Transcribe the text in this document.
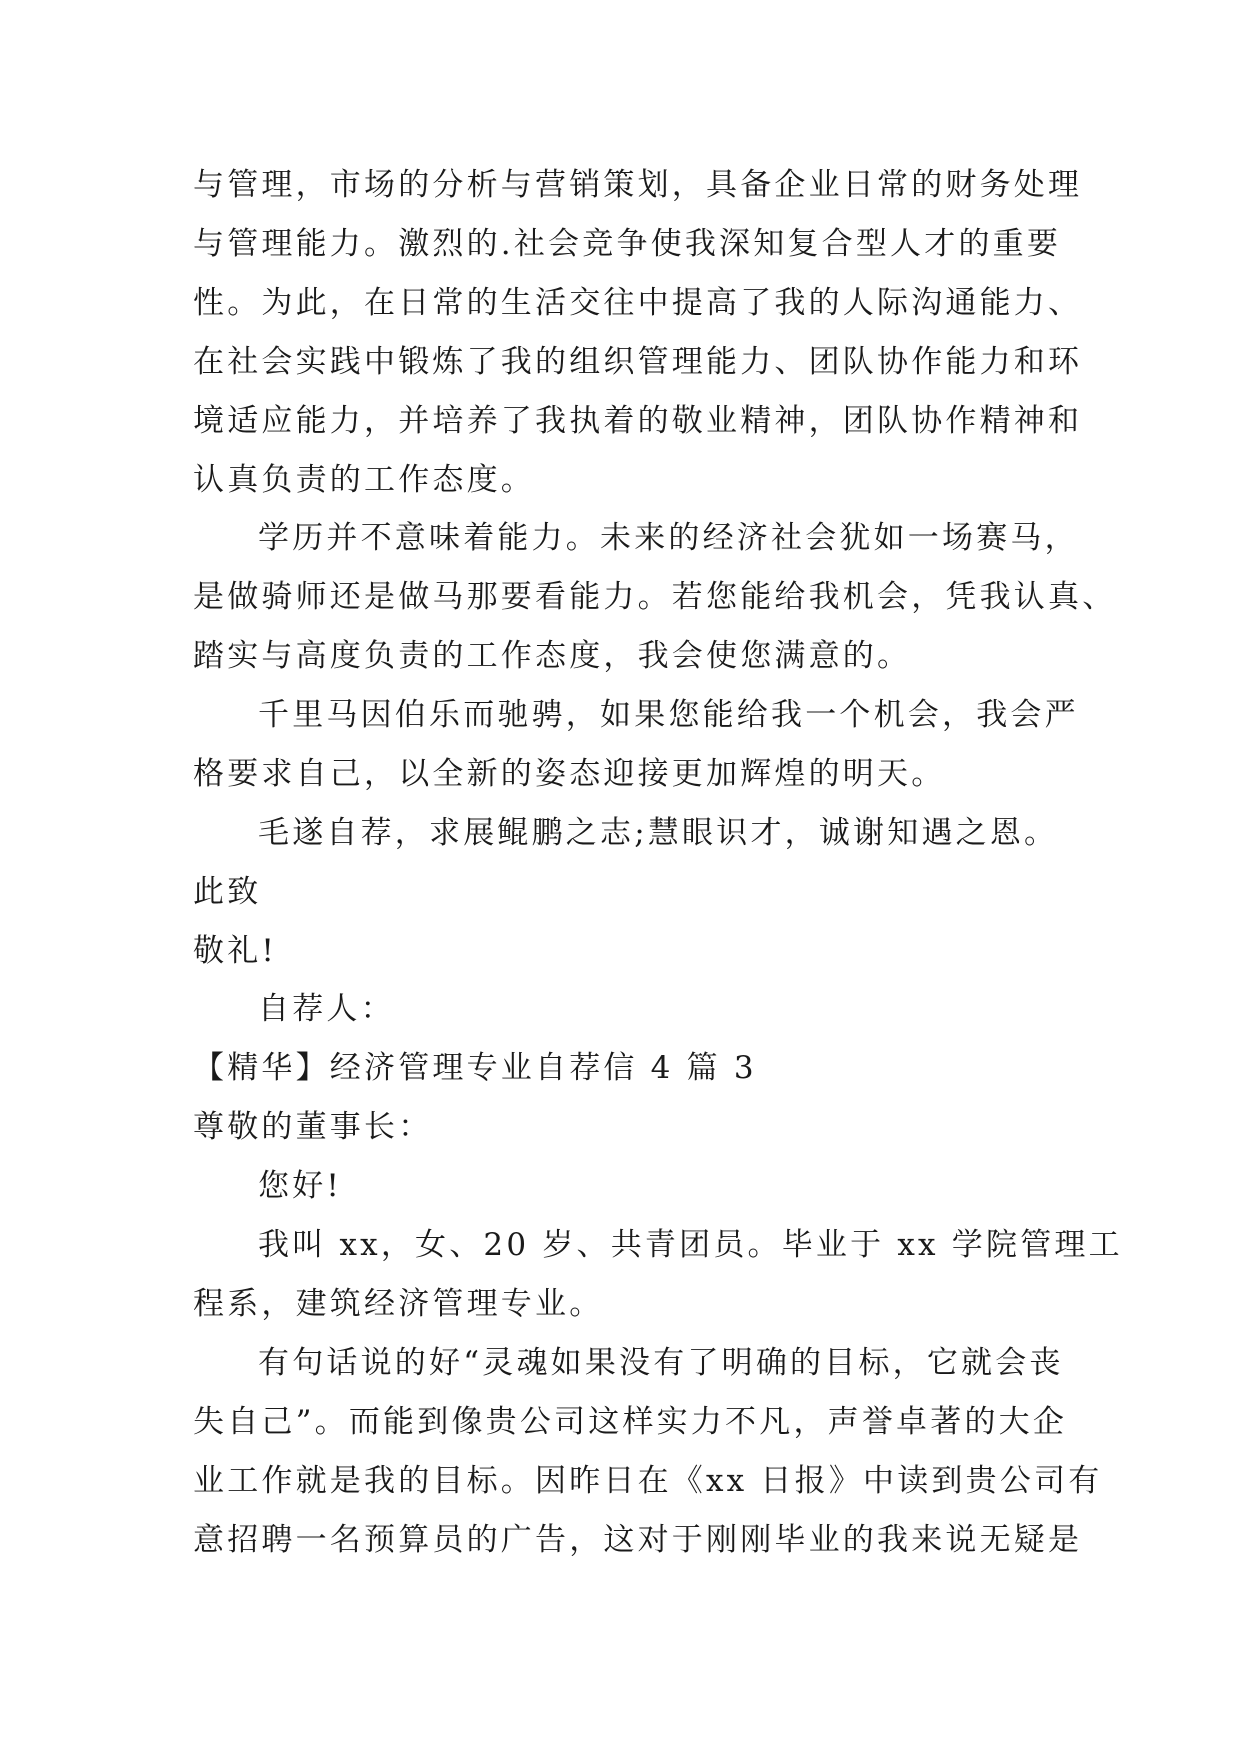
与管理，市场的分析与营销策划，具备企业日常的财务处理
与管理能力。激烈的.社会竞争使我深知复合型人才的重要
性。为此，在日常的生活交往中提高了我的人际沟通能力、
在社会实践中锻炼了我的组织管理能力、团队协作能力和环
境适应能力，并培养了我执着的敬业精神，团队协作精神和
认真负责的工作态度。
学历并不意味着能力。未来的经济社会犹如一场赛马，
是做骑师还是做马那要看能力。若您能给我机会，凭我认真、
踏实与高度负责的工作态度，我会使您满意的。
千里马因伯乐而驰骋，如果您能给我一个机会，我会严
格要求自己，以全新的姿态迎接更加辉煌的明天。
毛遂自荐，求展鲲鹏之志;慧眼识才，诚谢知遇之恩。
此致
敬礼!
自荐人：
【精华】经济管理专业自荐信 4 篇 3
尊敬的董事长：
您好!
我叫 xx，女、20 岁、共青团员。毕业于 xx 学院管理工
程系，建筑经济管理专业。
有句话说的好“灵魂如果没有了明确的目标，它就会丧
失自己”。而能到像贵公司这样实力不凡，声誉卓著的大企
业工作就是我的目标。因昨日在《xx 日报》中读到贵公司有
意招聘一名预算员的广告，这对于刚刚毕业的我来说无疑是
